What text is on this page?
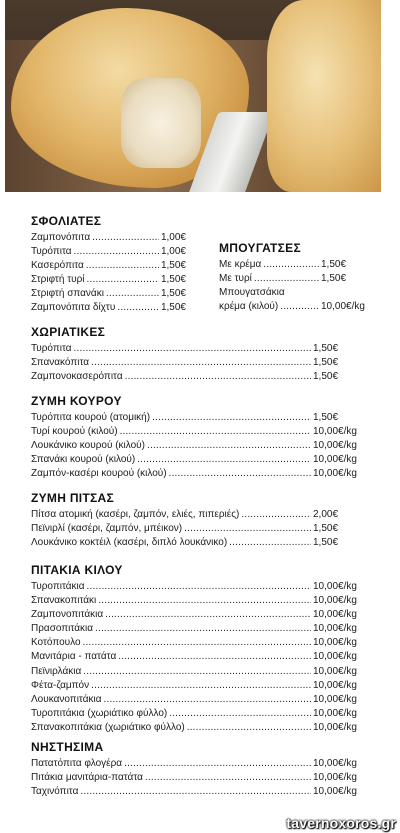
ΣΦΟΛΙΑΤΕΣ
Ζαμπονόπιτα .....	1,00€
Τυρόπιτα .....	1,00€
Κασερόπιτα .....	1,50€
Στριφτή τυρί .....	1,50€
Στριφτή σπανάκι .....	1,50€
Ζαμπονόπιτα δίχτυ .....	1,50€
ΜΠΟΥΓΑΤΣΕΣ
Με κρέμα .....	1,50€
Με τυρί .....	1,50€
Μπουγατσάκια
κρέμα (κιλού) .....	10,00€/kg
ΧΩΡΙΑΤΙΚΕΣ
Τυρόπιτα .....	1,50€
Σπανακόπιτα .....	1,50€
Ζαμπονοκασερόπιτα .....	1,50€
ΖΥΜΗ ΚΟΥΡΟΥ
Τυρόπιτα κουρού (ατομική) .....	1,50€
Τυρί κουρού (κιλού) .....	10,00€/kg
Λουκάνικο κουρού (κιλού) .....	10,00€/kg
Σπανάκι κουρού (κιλού) .....	10,00€/kg
Ζαμπόν-κασέρι κουρού (κιλού) .....	10,00€/kg
ΖΥΜΗ ΠΙΤΣΑΣ
Πίτσα ατομική (κασέρι, ζαμπόν, ελιές, πιπεριές) .....	2,00€
Πεϊνιρλί (κασέρι, ζαμπόν, μπέικον) .....	1,50€
Λουκάνικο κοκτέιλ (κασέρι, διπλό λουκάνικο) .....	1,50€
ΠΙΤΑΚΙΑ ΚΙΛΟΥ
Τυροπιτάκια .....	10,00€/kg
Σπανακοπιτάκι .....	10,00€/kg
Ζαμπονοπιτάκια .....	10,00€/kg
Πρασοπιτάκια .....	10,00€/kg
Κοτόπουλο .....	10,00€/kg
Μανιτάρια - πατάτα .....	10,00€/kg
Πεϊνιρλάκια .....	10,00€/kg
Φέτα-ζαμπόν .....	10,00€/kg
Λουκανοπιτάκια .....	10,00€/kg
Τυροπιτάκια (χωριάτικο φύλλο) .....	10,00€/kg
Σπανακοπιτάκια (χωριάτικο φύλλο) .....	10,00€/kg
ΝΗΣΤΗΣΙΜΑ
Πατατόπιτα φλογέρα .....	10,00€/kg
Πιτάκια μανιτάρια-πατάτα .....	10,00€/kg
Ταχινόπιτα .....	10,00€/kg
tavernoxoros.gr
